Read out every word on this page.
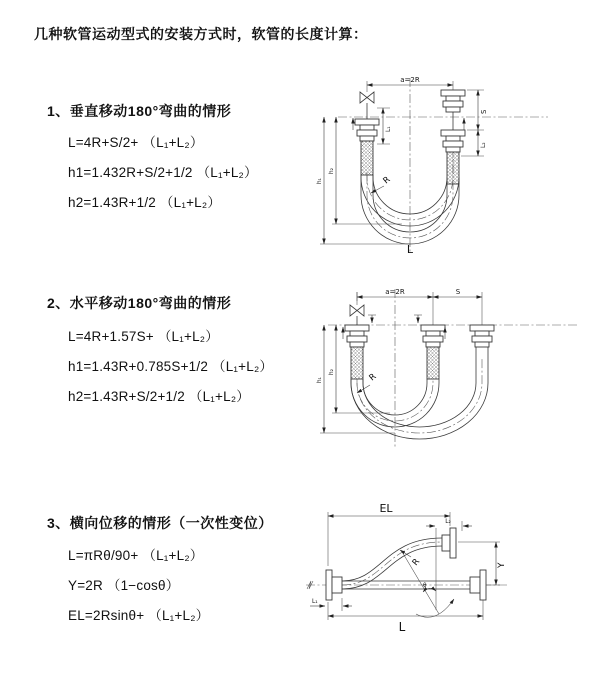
几种软管运动型式的安装方式时，软管的长度计算：
1、垂直移动180°弯曲的情形
L=4R+S/2+ （L₁+L₂）
h1=1.432R+S/2+1/2 （L₁+L₂）
h2=1.43R+1/2 （L₁+L₂）
2、水平移动180°弯曲的情形
L=4R+1.57S+ （L₁+L₂）
h1=1.43R+0.785S+1/2 （L₁+L₂）
h2=1.43R+S/2+1/2 （L₁+L₂）
3、横向位移的情形（一次性变位）
L=πRθ/90+ （L₁+L₂）
Y=2R （1−cosθ）
EL=2Rsinθ+ （L₁+L₂）
a=2R
S
L₂
L₁
h₁
h₂
R
L
a=2R	S
h₁
h₂	R
θ
EL
L₂
Y
L
L₁
R
